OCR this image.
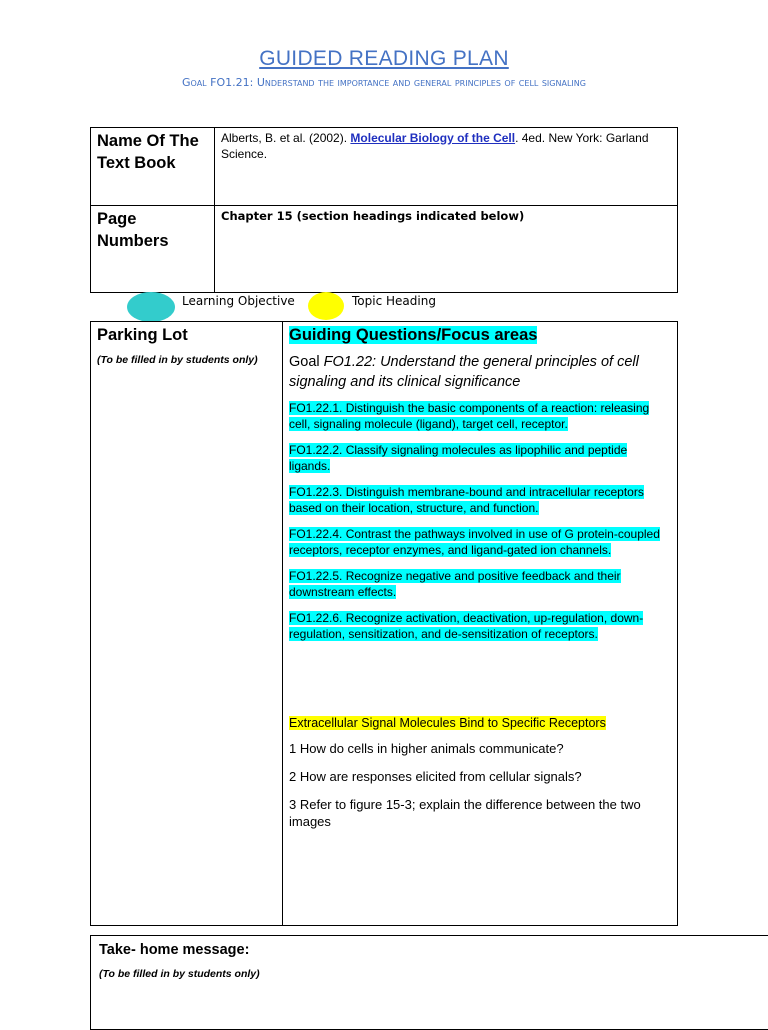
GUIDED READING PLAN
Goal FO1.21: Understand the importance and general principles of cell signaling
Name Of The Text Book	Alberts, B. et al. (2002). Molecular Biology of the Cell. 4ed. New York: Garland Science.
Page Numbers	Chapter 15 (section headings indicated below)
Learning Objective	Topic Heading
Parking Lot
(To be filled in by students only)
Guiding Questions/Focus areas
Goal FO1.22: Understand the general principles of cell signaling and its clinical significance

FO1.22.1. Distinguish the basic components of a reaction: releasing cell, signaling molecule (ligand), target cell, receptor.

FO1.22.2. Classify signaling molecules as lipophilic and peptide ligands.

FO1.22.3. Distinguish membrane-bound and intracellular receptors based on their location, structure, and function.

FO1.22.4. Contrast the pathways involved in use of G protein-coupled receptors, receptor enzymes, and ligand-gated ion channels.

FO1.22.5. Recognize negative and positive feedback and their downstream effects.

FO1.22.6. Recognize activation, deactivation, up-regulation, down-regulation, sensitization, and de-sensitization of receptors.

Extracellular Signal Molecules Bind to Specific Receptors

1 How do cells in higher animals communicate?

2 How are responses elicited from cellular signals?

3 Refer to figure 15-3; explain the difference between the two images

Take- home message:
(To be filled in by students only)
